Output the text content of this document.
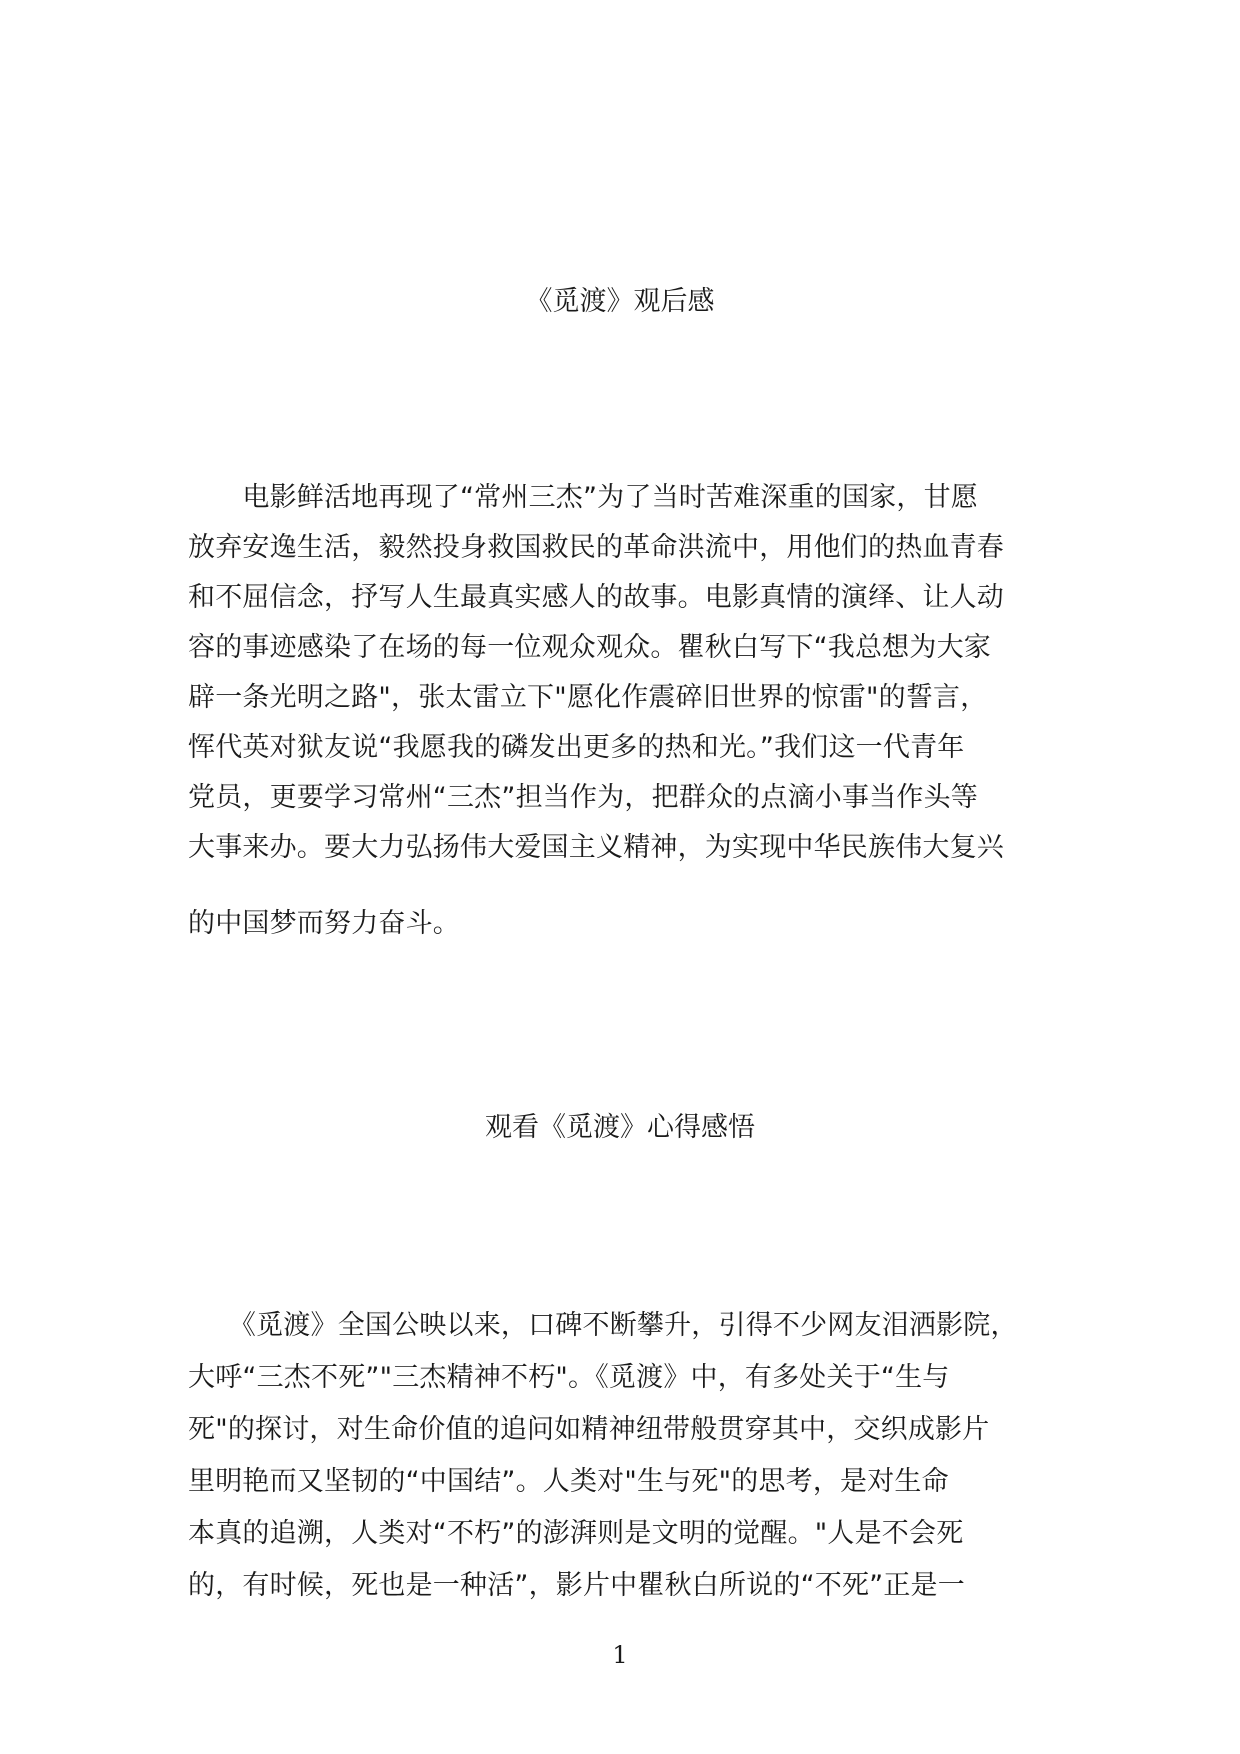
《觅渡》观后感
　　电影鲜活地再现了“常州三杰”为了当时苦难深重的国家，甘愿
放弃安逸生活，毅然投身救国救民的革命洪流中，用他们的热血青春
和不屈信念，抒写人生最真实感人的故事。电影真情的演绎、让人动
容的事迹感染了在场的每一位观众观众。瞿秋白写下“我总想为大家
辟一条光明之路"，张太雷立下"愿化作震碎旧世界的惊雷"的誓言，
恽代英对狱友说“我愿我的磷发出更多的热和光。”我们这一代青年
党员，更要学习常州“三杰”担当作为，把群众的点滴小事当作头等
大事来办。要大力弘扬伟大爱国主义精神，为实现中华民族伟大复兴
的中国梦而努力奋斗。
观看《觅渡》心得感悟
　　《觅渡》全国公映以来，口碑不断攀升，引得不少网友泪洒影院，
大呼“三杰不死”"三杰精神不朽"。《觅渡》中，有多处关于“生与
死"的探讨，对生命价值的追问如精神纽带般贯穿其中，交织成影片
里明艳而又坚韧的“中国结”。人类对"生与死"的思考，是对生命
本真的追溯，人类对“不朽”的澎湃则是文明的觉醒。"人是不会死
的，有时候，死也是一种活”，影片中瞿秋白所说的“不死”正是一
1
